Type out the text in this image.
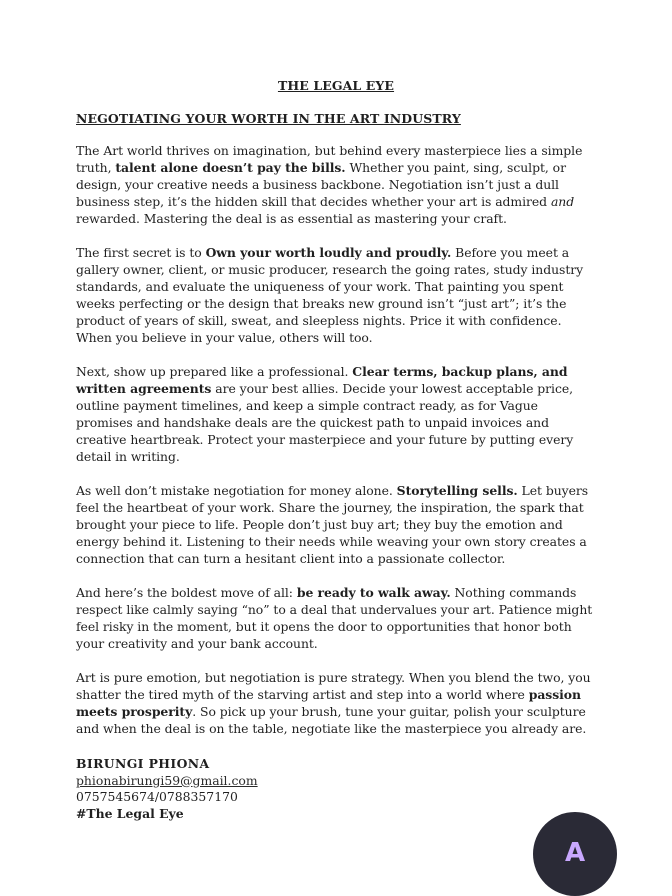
THE LEGAL EYE
NEGOTIATING YOUR WORTH IN THE ART INDUSTRY

The Art world thrives on imagination, but behind every masterpiece lies a simple truth, talent alone doesn’t pay the bills. Whether you paint, sing, sculpt, or design, your creative needs a business backbone. Negotiation isn’t just a dull business step, it’s the hidden skill that decides whether your art is admired and rewarded. Mastering the deal is as essential as mastering your craft.

The first secret is to Own your worth loudly and proudly. Before you meet a gallery owner, client, or music producer, research the going rates, study industry standards, and evaluate the uniqueness of your work. That painting you spent weeks perfecting or the design that breaks new ground isn’t “just art”; it’s the product of years of skill, sweat, and sleepless nights. Price it with confidence. When you believe in your value, others will too.

Next, show up prepared like a professional. Clear terms, backup plans, and written agreements are your best allies. Decide your lowest acceptable price, outline payment timelines, and keep a simple contract ready, as for Vague promises and handshake deals are the quickest path to unpaid invoices and creative heartbreak. Protect your masterpiece and your future by putting every detail in writing.

As well don’t mistake negotiation for money alone. Storytelling sells. Let buyers feel the heartbeat of your work. Share the journey, the inspiration, the spark that brought your piece to life. People don’t just buy art; they buy the emotion and energy behind it. Listening to their needs while weaving your own story creates a connection that can turn a hesitant client into a passionate collector.

And here’s the boldest move of all: be ready to walk away. Nothing commands respect like calmly saying “no” to a deal that undervalues your art. Patience might feel risky in the moment, but it opens the door to opportunities that honor both your creativity and your bank account.

Art is pure emotion, but negotiation is pure strategy. When you blend the two, you shatter the tired myth of the starving artist and step into a world where passion meets prosperity. So pick up your brush, tune your guitar, polish your sculpture and when the deal is on the table, negotiate like the masterpiece you already are.

BIRUNGI PHIONA
phionabirungi59@gmail.com
0757545674/0788357170
#The Legal Eye
A
